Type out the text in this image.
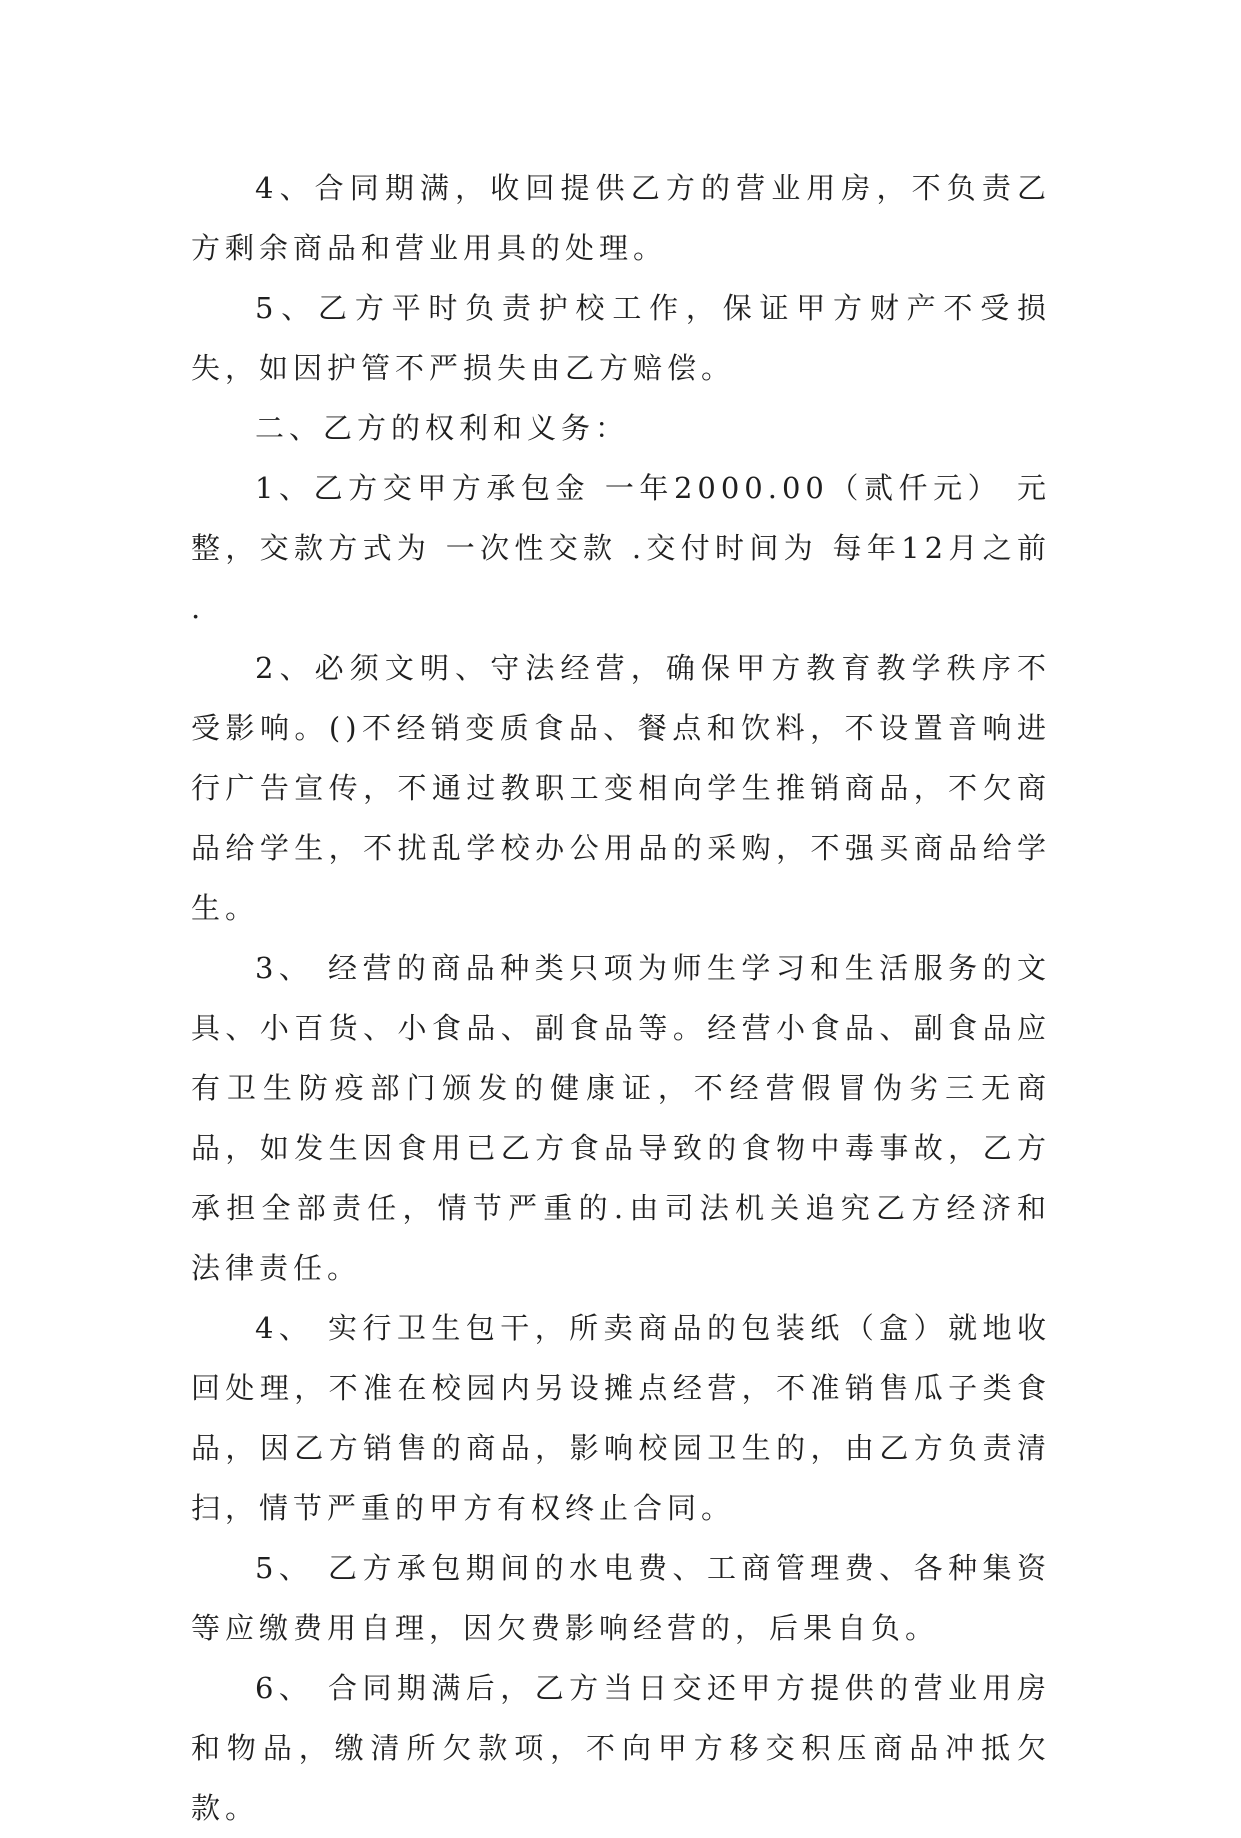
4、合同期满，收回提供乙方的营业用房，不负责乙方剩余商品和营业用具的处理。

5、乙方平时负责护校工作，保证甲方财产不受损失，如因护管不严损失由乙方赔偿。

二、乙方的权利和义务：

1、乙方交甲方承包金 一年2000.00（贰仟元） 元整，交款方式为 一次性交款 .交付时间为 每年12月之前 .

2、必须文明、守法经营，确保甲方教育教学秩序不受影响。()不经销变质食品、餐点和饮料，不设置音响进行广告宣传，不通过教职工变相向学生推销商品，不欠商品给学生，不扰乱学校办公用品的采购，不强买商品给学生。

3、 经营的商品种类只项为师生学习和生活服务的文具、小百货、小食品、副食品等。经营小食品、副食品应有卫生防疫部门颁发的健康证，不经营假冒伪劣三无商品，如发生因食用已乙方食品导致的食物中毒事故，乙方承担全部责任，情节严重的.由司法机关追究乙方经济和法律责任。

4、 实行卫生包干，所卖商品的包装纸（盒）就地收回处理，不准在校园内另设摊点经营，不准销售瓜子类食品，因乙方销售的商品，影响校园卫生的，由乙方负责清扫，情节严重的甲方有权终止合同。

5、 乙方承包期间的水电费、工商管理费、各种集资等应缴费用自理，因欠费影响经营的，后果自负。

6、 合同期满后，乙方当日交还甲方提供的营业用房和物品，缴清所欠款项，不向甲方移交积压商品冲抵欠款。
